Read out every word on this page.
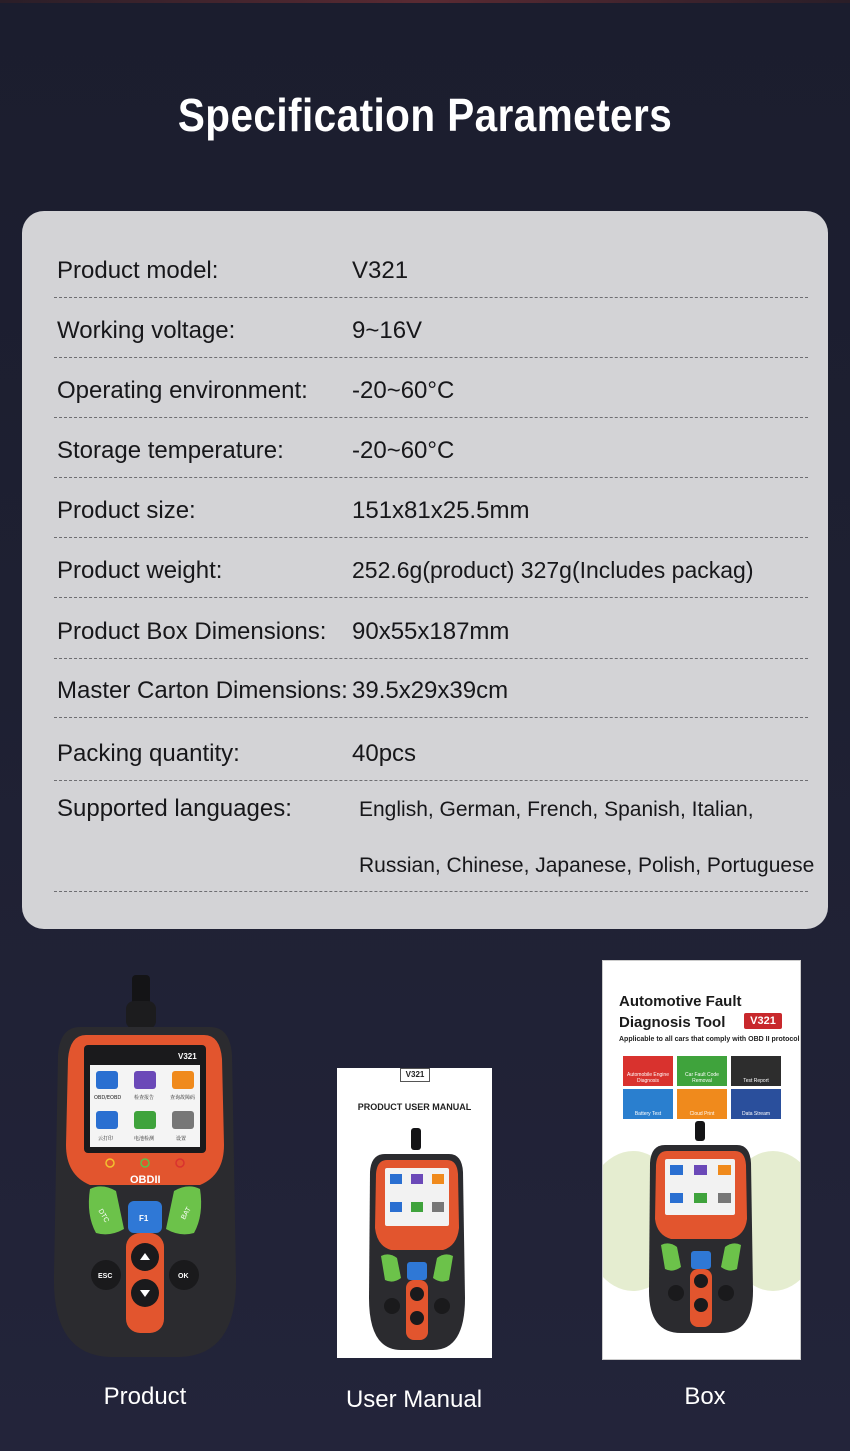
Specification Parameters
Product model:	V321
Working voltage:	9~16V
Operating environment: -20~60°C
Storage temperature:	-20~60°C
Product size:	151x81x25.5mm
Product weight:	252.6g(product) 327g(Includes packag)
Product Box Dimensions: 90x55x187mm
Master Carton Dimensions: 39.5x29x39cm
Packing quantity:	40pcs
Supported languages:	English, German, French, Spanish, Italian,
Russian, Chinese, Japanese, Polish, Portuguese
V321
OBD/EOBD	检查报告	查询故障码
云打印	电池检测	设置
OBDII
DTC	BAT
F1
ESC	OK
Product
V321
PRODUCT USER MANUAL
User Manual
Automotive Fault
Diagnosis Tool	V321
Applicable to all cars that comply with OBD II protocol
Automobile Engine Diagnosis
Car Fault Code Removal	Test Report
Battery Test	Cloud Print	Data Stream
Box
